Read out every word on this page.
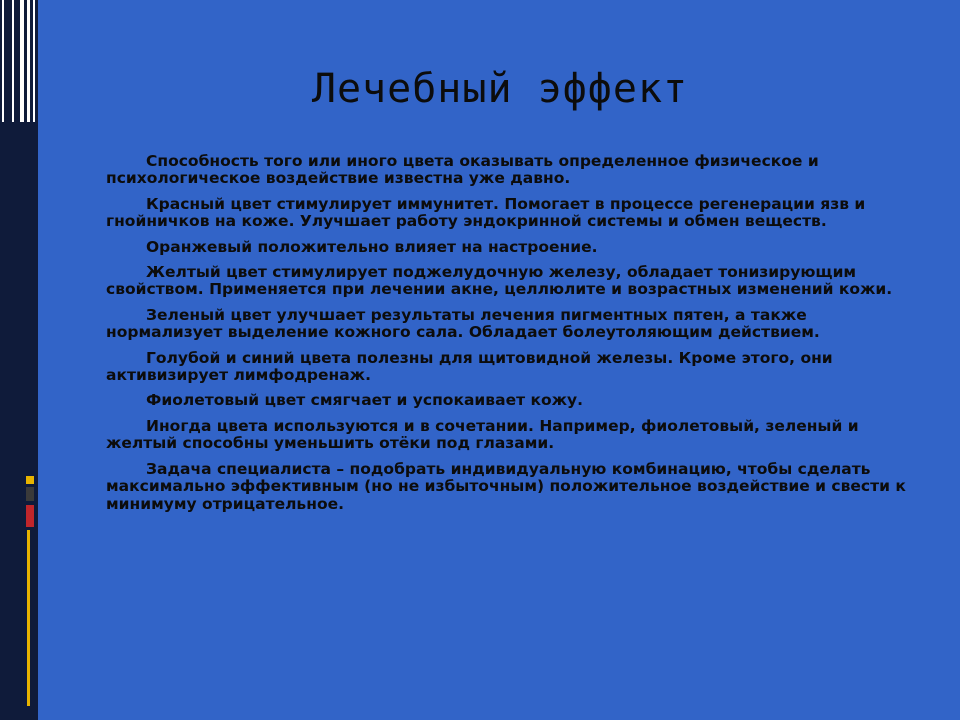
Лечебный эффект

Способность того или иного цвета оказывать определенное физическое и психологическое воздействие известна уже давно.

Красный цвет стимулирует иммунитет. Помогает в процессе регенерации язв и гнойничков на коже. Улучшает работу эндокринной системы и обмен веществ.

Оранжевый положительно влияет на настроение.

Желтый цвет стимулирует поджелудочную железу, обладает тонизирующим свойством. Применяется при лечении акне, целлюлите и возрастных изменений кожи.

Зеленый цвет улучшает результаты лечения пигментных пятен, а также нормализует выделение кожного сала. Обладает болеутоляющим действием.

Голубой и синий цвета полезны для щитовидной железы. Кроме этого, они активизирует лимфодренаж.

Фиолетовый цвет смягчает и успокаивает кожу.

Иногда цвета используются и в сочетании. Например, фиолетовый, зеленый и желтый способны уменьшить отёки под глазами.

Задача специалиста – подобрать индивидуальную комбинацию, чтобы сделать максимально эффективным (но не избыточным) положительное воздействие и свести к минимуму отрицательное.
